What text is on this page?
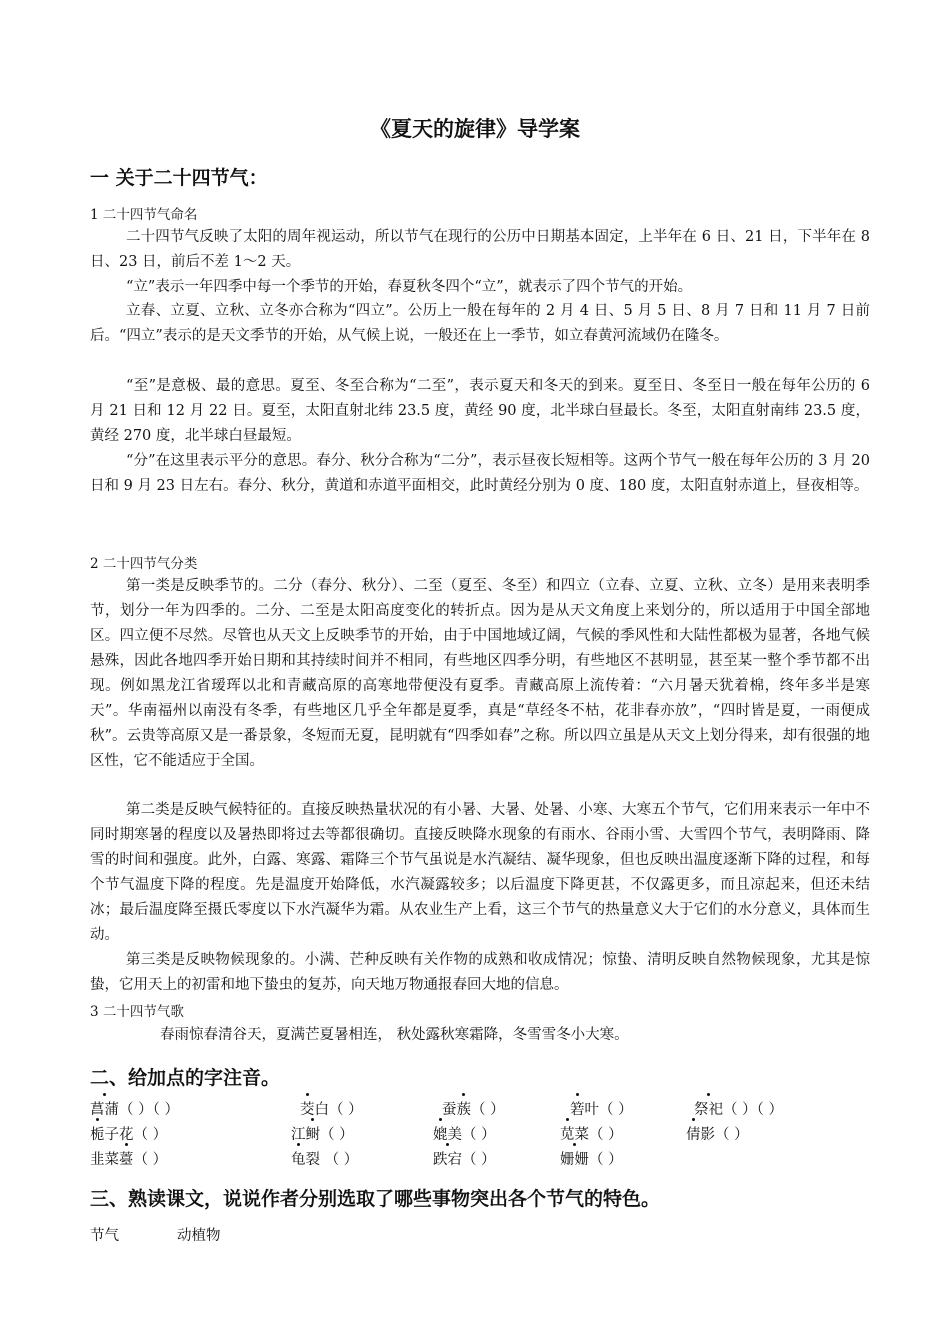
《夏天的旋律》导学案
一 关于二十四节气：
1 二十四节气命名

二十四节气反映了太阳的周年视运动，所以节气在现行的公历中日期基本固定，上半年在 6 日、21 日，下半年在 8 日、23 日，前后不差 1～2 天。

“立”表示一年四季中每一个季节的开始，春夏秋冬四个“立”，就表示了四个节气的开始。

立春、立夏、立秋、立冬亦合称为“四立”。公历上一般在每年的 2 月 4 日、5 月 5 日、8 月 7 日和 11 月 7 日前后。“四立”表示的是天文季节的开始，从气候上说，一般还在上一季节，如立春黄河流域仍在隆冬。

“至”是意极、最的意思。夏至、冬至合称为“二至”，表示夏天和冬天的到来。夏至日、冬至日一般在每年公历的 6 月 21 日和 12 月 22 日。夏至，太阳直射北纬 23.5 度，黄经 90 度，北半球白昼最长。冬至，太阳直射南纬 23.5 度，黄经 270 度，北半球白昼最短。

“分”在这里表示平分的意思。春分、秋分合称为“二分”，表示昼夜长短相等。这两个节气一般在每年公历的 3 月 20 日和 9 月 23 日左右。春分、秋分，黄道和赤道平面相交，此时黄经分别为 0 度、180 度，太阳直射赤道上，昼夜相等。

2 二十四节气分类

第一类是反映季节的。二分（春分、秋分）、二至（夏至、冬至）和四立（立春、立夏、立秋、立冬）是用来表明季节，划分一年为四季的。二分、二至是太阳高度变化的转折点。因为是从天文角度上来划分的，所以适用于中国全部地区。四立便不尽然。尽管也从天文上反映季节的开始，由于中国地域辽阔，气候的季风性和大陆性都极为显著，各地气候悬殊，因此各地四季开始日期和其持续时间并不相同，有些地区四季分明，有些地区不甚明显，甚至某一整个季节都不出现。例如黑龙江省瑷珲以北和青藏高原的高寒地带便没有夏季。青藏高原上流传着：“六月暑天犹着棉，终年多半是寒天”。华南福州以南没有冬季，有些地区几乎全年都是夏季，真是“草经冬不枯，花非春亦放”，“四时皆是夏，一雨便成秋”。云贵等高原又是一番景象，冬短而无夏，昆明就有“四季如春”之称。所以四立虽是从天文上划分得来，却有很强的地区性，它不能适应于全国。

第二类是反映气候特征的。直接反映热量状况的有小暑、大暑、处暑、小寒、大寒五个节气，它们用来表示一年中不同时期寒暑的程度以及暑热即将过去等都很确切。直接反映降水现象的有雨水、谷雨小雪、大雪四个节气，表明降雨、降雪的时间和强度。此外，白露、寒露、霜降三个节气虽说是水汽凝结、凝华现象，但也反映出温度逐渐下降的过程，和每个节气温度下降的程度。先是温度开始降低，水汽凝露较多；以后温度下降更甚，不仅露更多，而且凉起来，但还未结冰；最后温度降至摄氏零度以下水汽凝华为霜。从农业生产上看，这三个节气的热量意义大于它们的水分意义，具体而生动。

第三类是反映物候现象的。小满、芒种反映有关作物的成熟和收成情况；惊蛰、清明反映自然物候现象，尤其是惊蛰，它用天上的初雷和地下蛰虫的复苏，向天地万物通报春回大地的信息。

3 二十四节气歌
春雨惊春清谷天，夏满芒夏暑相连， 秋处露秋寒霜降，冬雪雪冬小大寒。
二、给加点的字注音。
菖蒲（ ）（ ）	茭白（ ）	蚕蔟（ ）	箬叶（ ）	祭祀（ ）（ ）
栀子花（ ）	江鲥（ ）	媲美（ ）	苋菜（ ）	倩影（ ）
韭菜薹（ ）	龟裂 （ ）	跌宕（ ）	姗姗（ ）
三、熟读课文，说说作者分别选取了哪些事物突出各个节气的特色。
节气	动植物
